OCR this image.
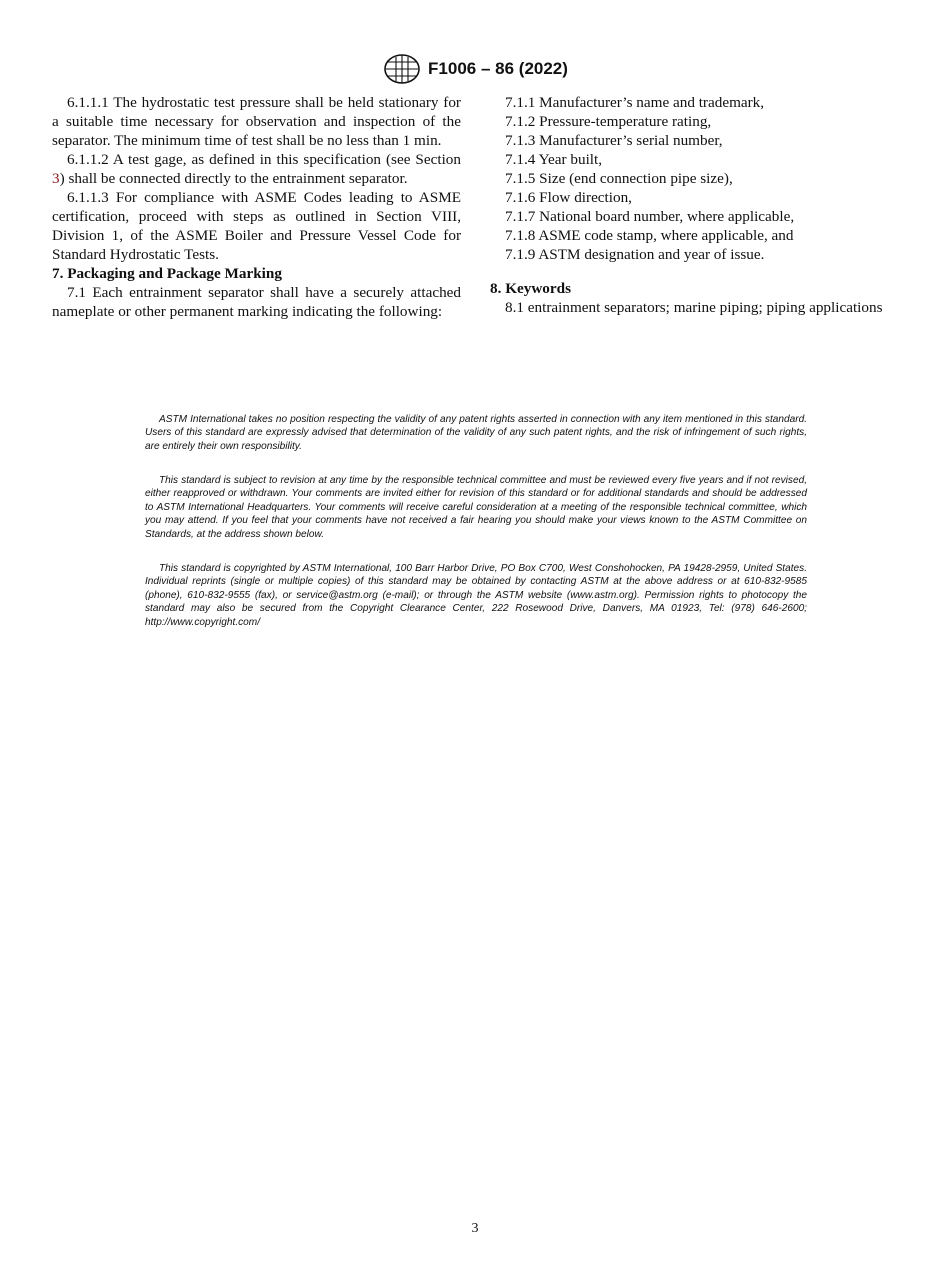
F1006 – 86 (2022)

6.1.1.1 The hydrostatic test pressure shall be held stationary for a suitable time necessary for observation and inspection of the separator. The minimum time of test shall be no less than 1 min.

6.1.1.2 A test gage, as defined in this specification (see Section 3) shall be connected directly to the entrainment separator.

6.1.1.3 For compliance with ASME Codes leading to ASME certification, proceed with steps as outlined in Section VIII, Division 1, of the ASME Boiler and Pressure Vessel Code for Standard Hydrostatic Tests.

7. Packaging and Package Marking

7.1 Each entrainment separator shall have a securely attached nameplate or other permanent marking indicating the following:

7.1.1 Manufacturer’s name and trademark,

7.1.2 Pressure-temperature rating,

7.1.3 Manufacturer’s serial number,

7.1.4 Year built,

7.1.5 Size (end connection pipe size),

7.1.6 Flow direction,

7.1.7 National board number, where applicable,

7.1.8 ASME code stamp, where applicable, and

7.1.9 ASTM designation and year of issue.

8. Keywords

8.1 entrainment separators; marine piping; piping applications

ASTM International takes no position respecting the validity of any patent rights asserted in connection with any item mentioned in this standard. Users of this standard are expressly advised that determination of the validity of any such patent rights, and the risk of infringement of such rights, are entirely their own responsibility.

This standard is subject to revision at any time by the responsible technical committee and must be reviewed every five years and if not revised, either reapproved or withdrawn. Your comments are invited either for revision of this standard or for additional standards and should be addressed to ASTM International Headquarters. Your comments will receive careful consideration at a meeting of the responsible technical committee, which you may attend. If you feel that your comments have not received a fair hearing you should make your views known to the ASTM Committee on Standards, at the address shown below.

This standard is copyrighted by ASTM International, 100 Barr Harbor Drive, PO Box C700, West Conshohocken, PA 19428-2959, United States. Individual reprints (single or multiple copies) of this standard may be obtained by contacting ASTM at the above address or at 610-832-9585 (phone), 610-832-9555 (fax), or service@astm.org (e-mail); or through the ASTM website (www.astm.org). Permission rights to photocopy the standard may also be secured from the Copyright Clearance Center, 222 Rosewood Drive, Danvers, MA 01923, Tel: (978) 646-2600; http://www.copyright.com/

3
